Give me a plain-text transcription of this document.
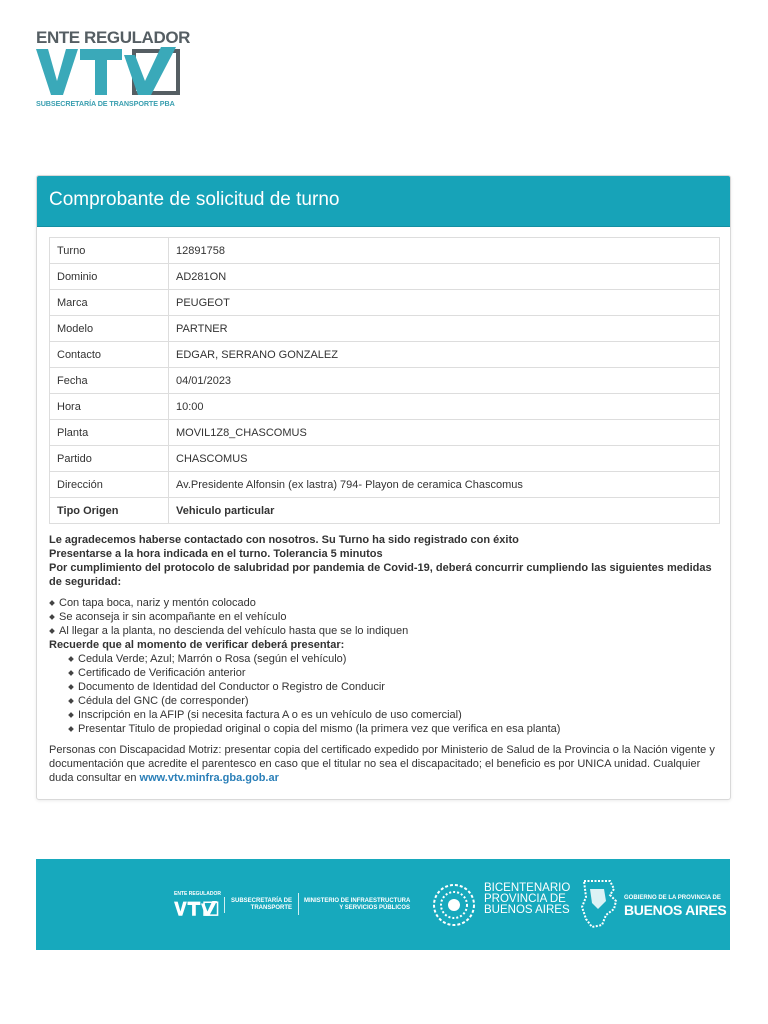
ENTE REGULADOR
SUBSECRETARÍA DE TRANSPORTE PBA
Comprobante de solicitud de turno
Turno	12891758
Dominio	AD281ON
Marca	PEUGEOT
Modelo	PARTNER
Contacto	EDGAR, SERRANO GONZALEZ
Fecha	04/01/2023
Hora	10:00
Planta	MOVIL1Z8_CHASCOMUS
Partido	CHASCOMUS
Dirección	Av.Presidente Alfonsin (ex lastra) 794- Playon de ceramica Chascomus
Tipo Origen	Vehiculo particular
Le agradecemos haberse contactado con nosotros. Su Turno ha sido registrado con éxito
Presentarse a la hora indicada en el turno. Tolerancia 5 minutos
Por cumplimiento del protocolo de salubridad por pandemia de Covid-19, deberá concurrir cumpliendo las siguientes medidas de seguridad:
Con tapa boca, nariz y mentón colocado
Se aconseja ir sin acompañante en el vehículo
Al llegar a la planta, no descienda del vehículo hasta que se lo indiquen
Recuerde que al momento de verificar deberá presentar:
Cedula Verde; Azul; Marrón o Rosa (según el vehículo)
Certificado de Verificación anterior
Documento de Identidad del Conductor o Registro de Conducir
Cédula del GNC (de corresponder)
Inscripción en la AFIP (si necesita factura A o es un vehículo de uso comercial)
Presentar Titulo de propiedad original o copia del mismo (la primera vez que verifica en esa planta)
Personas con Discapacidad Motriz: presentar copia del certificado expedido por Ministerio de Salud de la Provincia o la Nación vigente y documentación que acredite el parentesco en caso que el titular no sea el discapacitado; el beneficio es por UNICA unidad. Cualquier duda consultar en www.vtv.minfra.gba.gob.ar
ENTE REGULADOR
SUBSECRETARÍA DE
TRANSPORTE
MINISTERIO DE INFRAESTRUCTURA
Y SERVICIOS PÚBLICOS
BICENTENARIO
PROVINCIA DE
BUENOS AIRES
GOBIERNO DE LA PROVINCIA DE
BUENOS AIRES
